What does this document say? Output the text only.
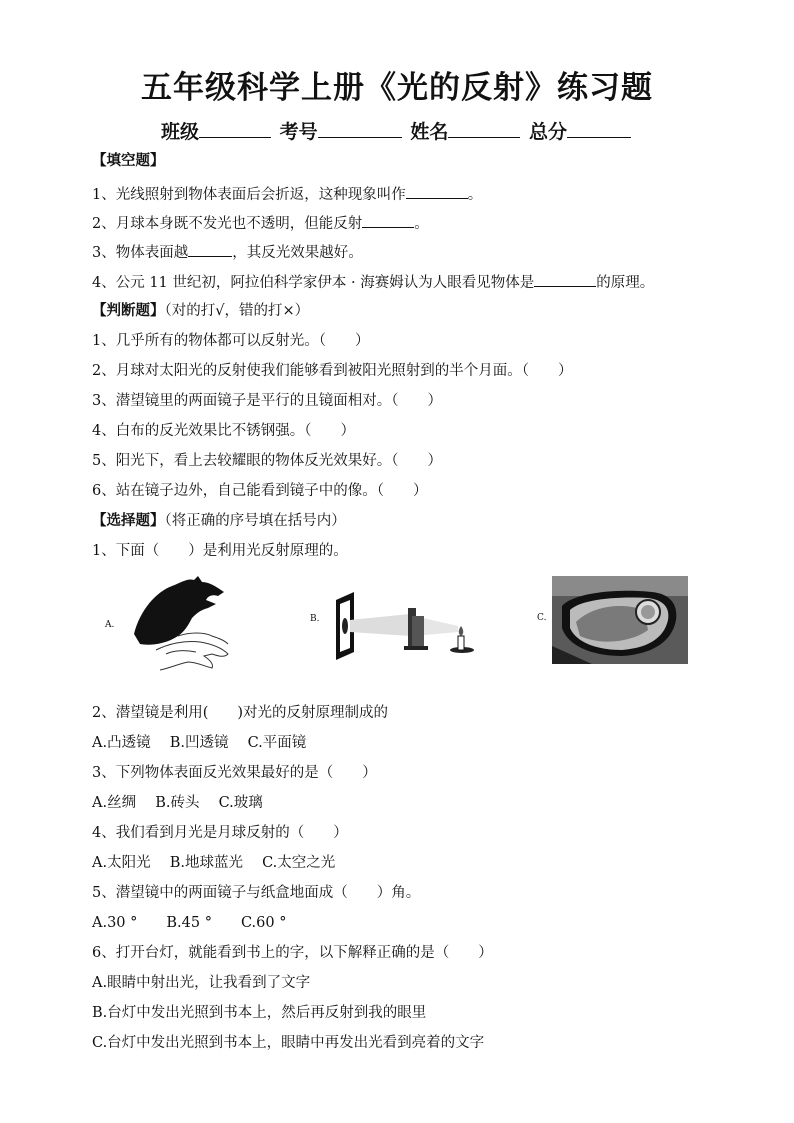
五年级科学上册《光的反射》练习题
班级	考号	姓名	总分
【填空题】
1、光线照射到物体表面后会折返，这种现象叫作	。
2、月球本身既不发光也不透明，但能反射	。
3、物体表面越	，其反光效果越好。
4、公元 11 世纪初，阿拉伯科学家伊本 · 海赛姆认为人眼看见物体是	的原理。
【判断题】（对的打√，错的打×）
1、几乎所有的物体都可以反射光。（　　）
2、月球对太阳光的反射使我们能够看到被阳光照射到的半个月面。（　　）
3、潜望镜里的两面镜子是平行的且镜面相对。（　　）
4、白布的反光效果比不锈钢强。（　　）
5、阳光下，看上去较耀眼的物体反光效果好。（　　）
6、站在镜子边外，自己能看到镜子中的像。（　　）
【选择题】（将正确的序号填在括号内）
1、下面（　　）是利用光反射原理的。
A.
B.	C.
2、潜望镜是利用(　　)对光的反射原理制成的
A.凸透镜　 B.凹透镜　 C.平面镜
3、下列物体表面反光效果最好的是（　　）
A.丝绸　 B.砖头　 C.玻璃
4、我们看到月光是月球反射的（　　）
A.太阳光　 B.地球蓝光　 C.太空之光
5、潜望镜中的两面镜子与纸盒地面成（　　）角。
A.30 °　　B.45 °　　C.60 °
6、打开台灯，就能看到书上的字，以下解释正确的是（　　）
A.眼睛中射出光，让我看到了文字
B.台灯中发出光照到书本上，然后再反射到我的眼里
C.台灯中发出光照到书本上，眼睛中再发出光看到亮着的文字
